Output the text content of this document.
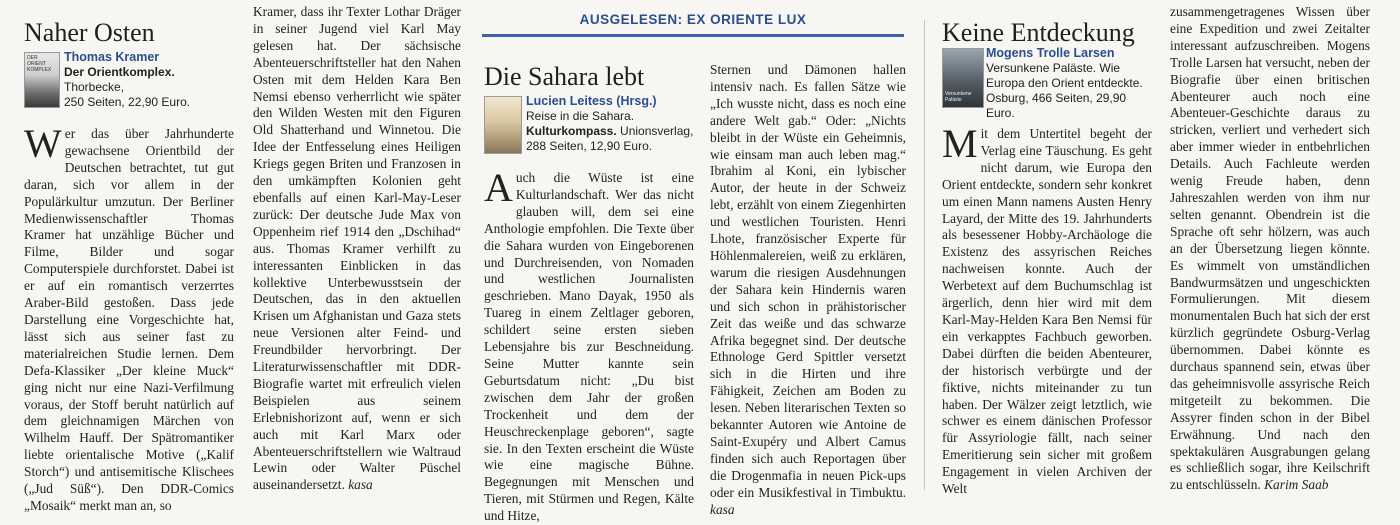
Naher Osten
DER ORIENT KOMPLEX
Thomas Kramer
Der Orientkomplex.
Thorbecke,
250 Seiten, 22,90 Euro.
Wer das über Jahrhunderte gewachsene Orientbild der Deutschen betrachtet, tut gut daran, sich vor allem in der Populärkultur umzutun. Der Berliner Medienwissenschaftler Thomas Kramer hat unzählige Bücher und Filme, Bilder und sogar Computerspiele durchforstet. Dabei ist er auf ein romantisch verzerrtes Araber-Bild gestoßen. Dass jede Darstellung eine Vorgeschichte hat, lässt sich aus seiner fast zu materialreichen Studie lernen. Dem Defa-Klassiker „Der kleine Muck“ ging nicht nur eine Nazi-Verfilmung voraus, der Stoff beruht natürlich auf dem gleichnamigen Märchen von Wilhelm Hauff. Der Spätromantiker liebte orientalische Motive („Kalif Storch“) und antisemitische Klischees („Jud Süß“). Den DDR-Comics „Mosaik“ merkt man an, so
Kramer, dass ihr Texter Lothar Dräger in seiner Jugend viel Karl May gelesen hat. Der sächsische Abenteuerschriftsteller hat den Nahen Osten mit dem Helden Kara Ben Nemsi ebenso verherrlicht wie später den Wilden Westen mit den Figuren Old Shatterhand und Winnetou. Die Idee der Entfesselung eines Heiligen Kriegs gegen Briten und Franzosen in den umkämpften Kolonien geht ebenfalls auf einen Karl-May-Leser zurück: Der deutsche Jude Max von Oppenheim rief 1914 den „Dschihad“ aus. Thomas Kramer verhilft zu interessanten Einblicken in das kollektive Unterbewusstsein der Deutschen, das in den aktuellen Krisen um Afghanistan und Gaza stets neue Versionen alter Feind- und Freundbilder hervorbringt. Der Literaturwissenschaftler mit DDR-Biografie wartet mit erfreulich vielen Beispielen aus seinem Erlebnishorizont auf, wenn er sich auch mit Karl Marx oder Abenteuerschriftstellern wie Waltraud Lewin oder Walter Püschel auseinandersetzt. kasa
AUSGELESEN: EX ORIENTE LUX
Die Sahara lebt
Lucien Leitess (Hrsg.)
Reise in die Sahara.
Kulturkompass. Unionsverlag,
288 Seiten, 12,90 Euro.
Auch die Wüste ist eine Kulturlandschaft. Wer das nicht glauben will, dem sei eine Anthologie empfohlen. Die Texte über die Sahara wurden von Eingeborenen und Durchreisenden, von Nomaden und westlichen Journalisten geschrieben. Mano Dayak, 1950 als Tuareg in einem Zeltlager geboren, schildert seine ersten sieben Lebensjahre bis zur Beschneidung. Seine Mutter kannte sein Geburtsdatum nicht: „Du bist zwischen dem Jahr der großen Trockenheit und dem der Heuschreckenplage geboren“, sagte sie. In den Texten erscheint die Wüste wie eine magische Bühne. Begegnungen mit Menschen und Tieren, mit Stürmen und Regen, Kälte und Hitze,
Sternen und Dämonen hallen intensiv nach. Es fallen Sätze wie „Ich wusste nicht, dass es noch eine andere Welt gab.“ Oder: „Nichts bleibt in der Wüste ein Geheimnis, wie einsam man auch leben mag.“ Ibrahim al Koni, ein lybischer Autor, der heute in der Schweiz lebt, erzählt von einem Ziegenhirten und westlichen Touristen. Henri Lhote, französischer Experte für Höhlenmalereien, weiß zu erklären, warum die riesigen Ausdehnungen der Sahara kein Hindernis waren und sich schon in prähistorischer Zeit das weiße und das schwarze Afrika begegnet sind. Der deutsche Ethnologe Gerd Spittler versetzt sich in die Hirten und ihre Fähigkeit, Zeichen am Boden zu lesen. Neben literarischen Texten so bekannter Autoren wie Antoine de Saint-Exupéry und Albert Camus finden sich auch Reportagen über die Drogenmafia in neuen Pick-ups oder ein Musikfestival in Timbuktu. kasa
Keine Entdeckung
Versunkene Paläste
Mogens Trolle Larsen
Versunkene Paläste. Wie Europa den Orient entdeckte.
Osburg, 466 Seiten, 29,90 Euro.
Mit dem Untertitel begeht der Verlag eine Täuschung. Es geht nicht darum, wie Europa den Orient entdeckte, sondern sehr konkret um einen Mann namens Austen Henry Layard, der Mitte des 19. Jahrhunderts als besessener Hobby-Archäologe die Existenz des assyrischen Reiches nachweisen konnte. Auch der Werbetext auf dem Buchumschlag ist ärgerlich, denn hier wird mit dem Karl-May-Helden Kara Ben Nemsi für ein verkapptes Fachbuch geworben. Dabei dürften die beiden Abenteurer, der historisch verbürgte und der fiktive, nichts miteinander zu tun haben. Der Wälzer zeigt letztlich, wie schwer es einem dänischen Professor für Assyriologie fällt, nach seiner Emeritierung sein sicher mit großem Engagement in vielen Archiven der Welt
zusammengetragenes Wissen über eine Expedition und zwei Zeitalter interessant aufzuschreiben. Mogens Trolle Larsen hat versucht, neben der Biografie über einen britischen Abenteurer auch noch eine Abenteuer-Geschichte daraus zu stricken, verliert und verhedert sich aber immer wieder in entbehrlichen Details. Auch Fachleute werden wenig Freude haben, denn Jahreszahlen werden von ihm nur selten genannt. Obendrein ist die Sprache oft sehr hölzern, was auch an der Übersetzung liegen könnte. Es wimmelt von umständlichen Bandwurmsätzen und ungeschickten Formulierungen. Mit diesem monumentalen Buch hat sich der erst kürzlich gegründete Osburg-Verlag übernommen. Dabei könnte es durchaus spannend sein, etwas über das geheimnisvolle assyrische Reich mitgeteilt zu bekommen. Die Assyrer finden schon in der Bibel Erwähnung. Und nach den spektakulären Ausgrabungen gelang es schließlich sogar, ihre Keilschrift zu entschlüsseln. Karim Saab
